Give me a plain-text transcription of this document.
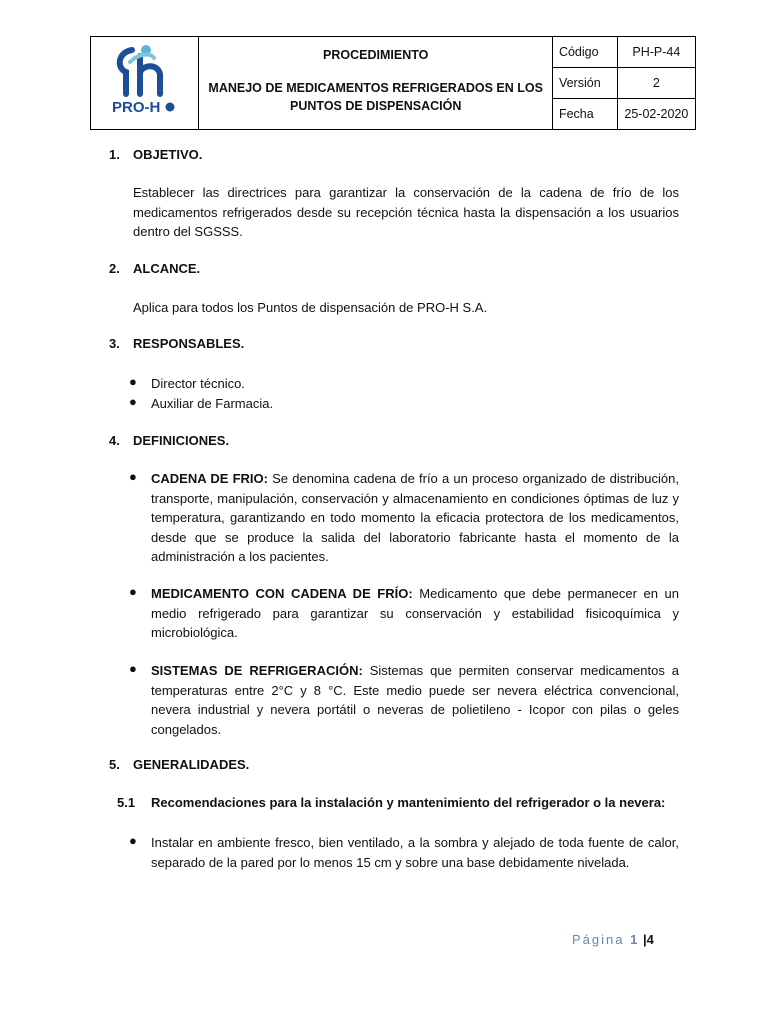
PRO-H	PROCEDIMIENTO
MANEJO DE MEDICAMENTOS REFRIGERADOS EN LOS
PUNTOS DE DISPENSACIÓN	Código	PH-P-44
		Versión	2
		Fecha	25-02-2020
1. OBJETIVO.
Establecer las directrices para garantizar la conservación de la cadena de frío de los medicamentos refrigerados desde su recepción técnica hasta la dispensación a los usuarios dentro del SGSSS.
2. ALCANCE.
Aplica para todos los Puntos de dispensación de PRO-H S.A.
3. RESPONSABLES.
● Director técnico.
● Auxiliar de Farmacia.
4. DEFINICIONES.
● CADENA DE FRIO: Se denomina cadena de frío a un proceso organizado de distribución, transporte, manipulación, conservación y almacenamiento en condiciones óptimas de luz y temperatura, garantizando en todo momento la eficacia protectora de los medicamentos, desde que se produce la salida del laboratorio fabricante hasta el momento de la administración a los pacientes.
● MEDICAMENTO CON CADENA DE FRÍO: Medicamento que debe permanecer en un medio refrigerado para garantizar su conservación y estabilidad fisicoquímica y microbiológica.
● SISTEMAS DE REFRIGERACIÓN: Sistemas que permiten conservar medicamentos a temperaturas entre 2°C y 8 °C. Este medio puede ser nevera eléctrica convencional, nevera industrial y nevera portátil o neveras de polietileno - Icopor con pilas o geles congelados.
5. GENERALIDADES.
5.1 Recomendaciones para la instalación y mantenimiento del refrigerador o la nevera:
● Instalar en ambiente fresco, bien ventilado, a la sombra y alejado de toda fuente de calor, separado de la pared por lo menos 15 cm y sobre una base debidamente nivelada.
Página 1 |4
